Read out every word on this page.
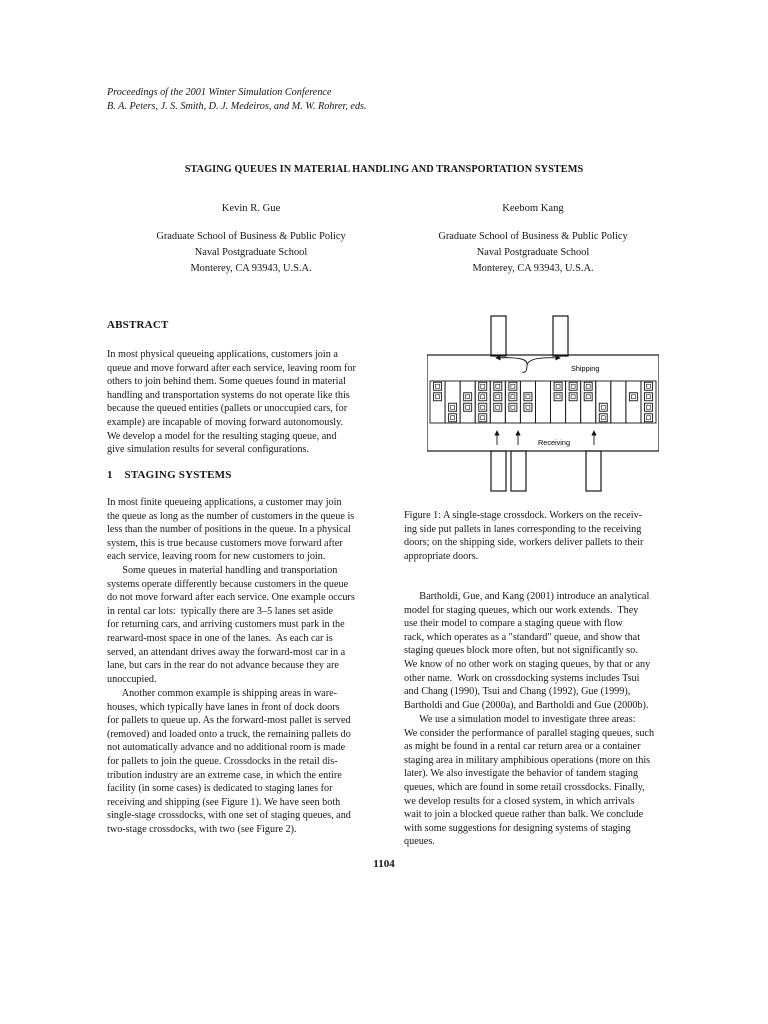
Proceedings of the 2001 Winter Simulation Conference
B. A. Peters, J. S. Smith, D. J. Medeiros, and M. W. Rohrer, eds.
STAGING QUEUES IN MATERIAL HANDLING AND TRANSPORTATION SYSTEMS
Kevin R. Gue
Graduate School of Business & Public Policy
Naval Postgraduate School
Monterey, CA 93943, U.S.A.
Keebom Kang
Graduate School of Business & Public Policy
Naval Postgraduate School
Monterey, CA 93943, U.S.A.
ABSTRACT
In most physical queueing applications, customers join a
queue and move forward after each service, leaving room for
others to join behind them. Some queues found in material
handling and transportation systems do not operate like this
because the queued entities (pallets or unoccupied cars, for
example) are incapable of moving forward autonomously.
We develop a model for the resulting staging queue, and
give simulation results for several configurations.
1    STAGING SYSTEMS
In most finite queueing applications, a customer may join
the queue as long as the number of customers in the queue is
less than the number of positions in the queue. In a physical
system, this is true because customers move forward after
each service, leaving room for new customers to join.
Some queues in material handling and transportation
systems operate differently because customers in the queue
do not move forward after each service. One example occurs
in rental car lots:  typically there are 3–5 lanes set aside
for returning cars, and arriving customers must park in the
rearward-most space in one of the lanes.  As each car is
served, an attendant drives away the forward-most car in a
lane, but cars in the rear do not advance because they are
unoccupied.
Another common example is shipping areas in ware-
houses, which typically have lanes in front of dock doors
for pallets to queue up. As the forward-most pallet is served
(removed) and loaded onto a truck, the remaining pallets do
not automatically advance and no additional room is made
for pallets to join the queue. Crossdocks in the retail dis-
tribution industry are an extreme case, in which the entire
facility (in some cases) is dedicated to staging lanes for
receiving and shipping (see Figure 1). We have seen both
single-stage crossdocks, with one set of staging queues, and
two-stage crossdocks, with two (see Figure 2).
Shipping
Receiving
Figure 1: A single-stage crossdock. Workers on the receiv-
ing side put pallets in lanes corresponding to the receiving
doors; on the shipping side, workers deliver pallets to their
appropriate doors.
Bartholdi, Gue, and Kang (2001) introduce an analytical
model for staging queues, which our work extends.  They
use their model to compare a staging queue with flow
rack, which operates as a "standard" queue, and show that
staging queues block more often, but not significantly so.
We know of no other work on staging queues, by that or any
other name.  Work on crossdocking systems includes Tsui
and Chang (1990), Tsui and Chang (1992), Gue (1999),
Bartholdi and Gue (2000a), and Bartholdi and Gue (2000b).
We use a simulation model to investigate three areas:
We consider the performance of parallel staging queues, such
as might be found in a rental car return area or a container
staging area in military amphibious operations (more on this
later). We also investigate the behavior of tandem staging
queues, which are found in some retail crossdocks. Finally,
we develop results for a closed system, in which arrivals
wait to join a blocked queue rather than balk. We conclude
with some suggestions for designing systems of staging
queues.
1104
